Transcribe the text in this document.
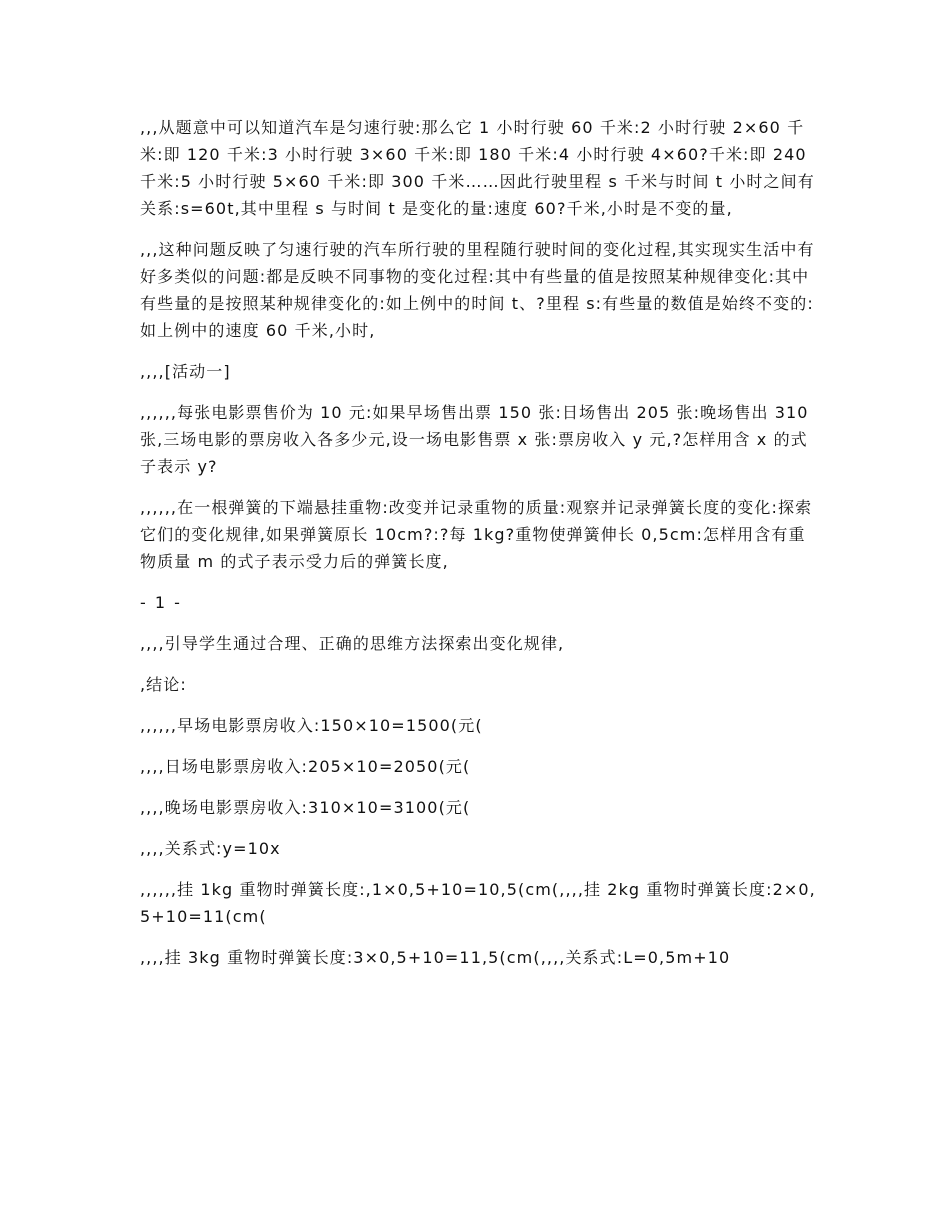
,,,从题意中可以知道汽车是匀速行驶:那么它 1 小时行驶 60 千米:2 小时行驶 2×60 千米:即 120 千米:3 小时行驶 3×60 千米:即 180 千米:4 小时行驶 4×60?千米:即 240 千米:5 小时行驶 5×60 千米:即 300 千米……因此行驶里程 s 千米与时间 t 小时之间有关系:s=60t,其中里程 s 与时间 t 是变化的量:速度 60?千米,小时是不变的量,

,,,这种问题反映了匀速行驶的汽车所行驶的里程随行驶时间的变化过程,其实现实生活中有好多类似的问题:都是反映不同事物的变化过程:其中有些量的值是按照某种规律变化:其中有些量的是按照某种规律变化的:如上例中的时间 t、?里程 s:有些量的数值是始终不变的:如上例中的速度 60 千米,小时,

,,,,[活动一]

,,,,,,每张电影票售价为 10 元:如果早场售出票 150 张:日场售出 205 张:晚场售出 310 张,三场电影的票房收入各多少元,设一场电影售票 x 张:票房收入 y 元,?怎样用含 x 的式子表示 y?

,,,,,,在一根弹簧的下端悬挂重物:改变并记录重物的质量:观察并记录弹簧长度的变化:探索它们的变化规律,如果弹簧原长 10cm?:?每 1kg?重物使弹簧伸长 0,5cm:怎样用含有重物质量 m 的式子表示受力后的弹簧长度,

- 1 -

,,,,引导学生通过合理、正确的思维方法探索出变化规律,

,结论:

,,,,,,早场电影票房收入:150×10=1500(元(

,,,,日场电影票房收入:205×10=2050(元(

,,,,晚场电影票房收入:310×10=3100(元(

,,,,关系式:y=10x

,,,,,,挂 1kg 重物时弹簧长度:,1×0,5+10=10,5(cm(,,,,挂 2kg 重物时弹簧长度:2×0,5+10=11(cm(

,,,,挂 3kg 重物时弹簧长度:3×0,5+10=11,5(cm(,,,,关系式:L=0,5m+10
